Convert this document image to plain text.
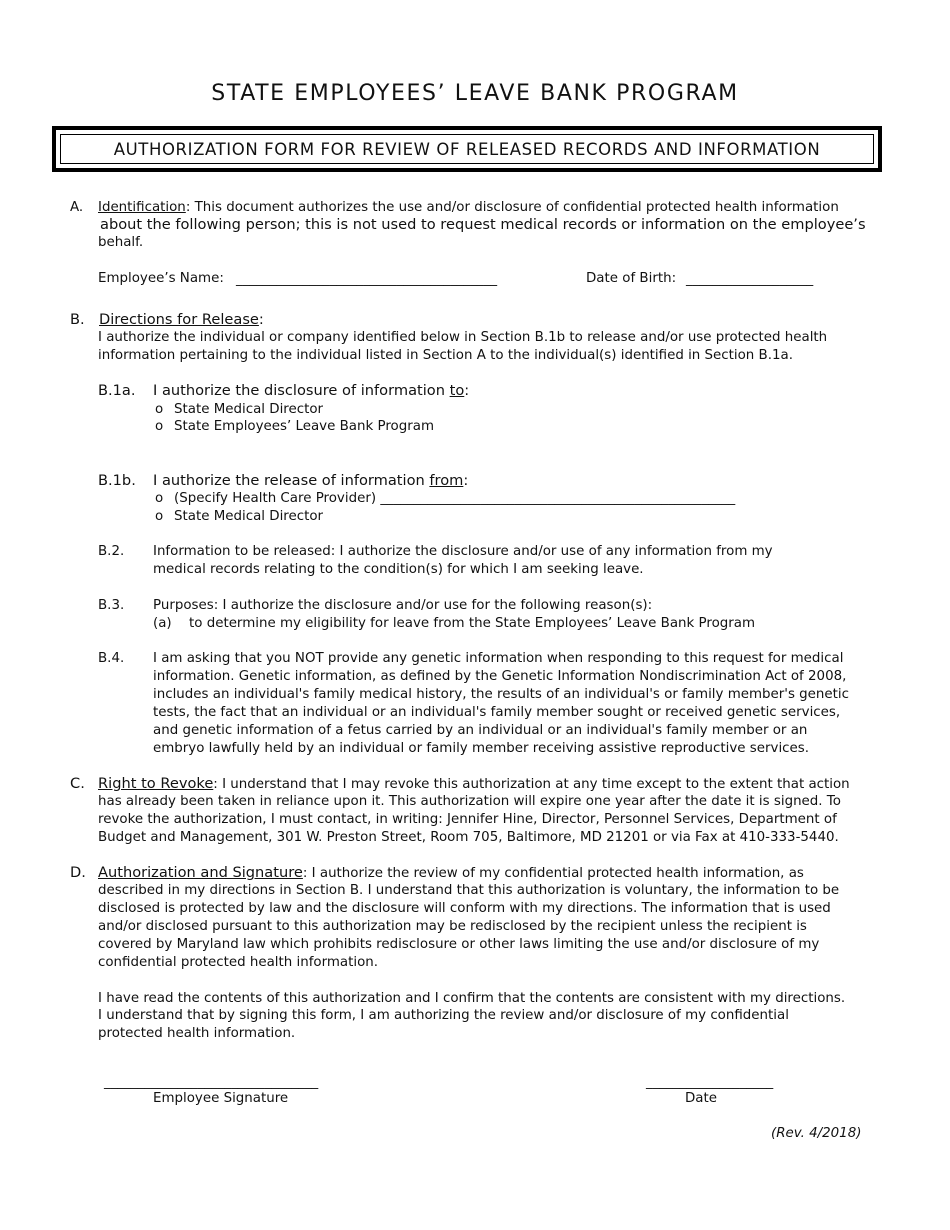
STATE EMPLOYEES’ LEAVE BANK PROGRAM
AUTHORIZATION FORM FOR REVIEW OF RELEASED RECORDS AND INFORMATION
A. Identification: This document authorizes the use and/or disclosure of confidential protected health information
about the following person; this is not used to request medical records or information on the employee’s
behalf.
Employee’s Name: _______________________________________	Date of Birth: ___________________
B. Directions for Release:
I authorize the individual or company identified below in Section B.1b to release and/or use protected health
information pertaining to the individual listed in Section A to the individual(s) identified in Section B.1a.
B.1a. I authorize the disclosure of information to:
o State Medical Director
o State Employees’ Leave Bank Program
B.1b. I authorize the release of information from:
o (Specify Health Care Provider) _____________________________________________________
o State Medical Director
B.2. Information to be released: I authorize the disclosure and/or use of any information from my
medical records relating to the condition(s) for which I am seeking leave.
B.3. Purposes: I authorize the disclosure and/or use for the following reason(s):
(a) to determine my eligibility for leave from the State Employees’ Leave Bank Program
B.4. I am asking that you NOT provide any genetic information when responding to this request for medical
information. Genetic information, as defined by the Genetic Information Nondiscrimination Act of 2008,
includes an individual's family medical history, the results of an individual's or family member's genetic
tests, the fact that an individual or an individual's family member sought or received genetic services,
and genetic information of a fetus carried by an individual or an individual's family member or an
embryo lawfully held by an individual or family member receiving assistive reproductive services.
C. Right to Revoke: I understand that I may revoke this authorization at any time except to the extent that action
has already been taken in reliance upon it. This authorization will expire one year after the date it is signed. To
revoke the authorization, I must contact, in writing: Jennifer Hine, Director, Personnel Services, Department of
Budget and Management, 301 W. Preston Street, Room 705, Baltimore, MD 21201 or via Fax at 410-333-5440.
D. Authorization and Signature: I authorize the review of my confidential protected health information, as
described in my directions in Section B. I understand that this authorization is voluntary, the information to be
disclosed is protected by law and the disclosure will conform with my directions. The information that is used
and/or disclosed pursuant to this authorization may be redisclosed by the recipient unless the recipient is
covered by Maryland law which prohibits redisclosure or other laws limiting the use and/or disclosure of my
confidential protected health information.
I have read the contents of this authorization and I confirm that the contents are consistent with my directions.
I understand that by signing this form, I am authorizing the review and/or disclosure of my confidential
protected health information.
________________________________
Employee Signature
___________________
Date
(Rev. 4/2018)
